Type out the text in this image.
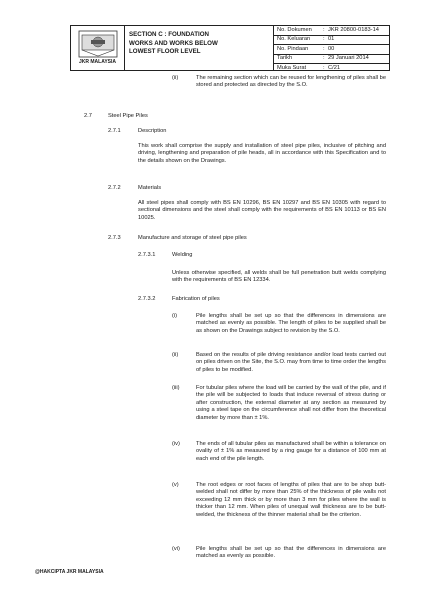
JKR MALAYSIA
SECTION C : FOUNDATION
WORKS AND WORKS BELOW
LOWEST FLOOR LEVEL
No. Dokumen	: JKR 20800-0183-14
No. Keluaran	: 01
No. Pindaan	: 00
Tarikh	: 29 Januari 2014
Muka Surat	: C/21
(ii)	The remaining section which can be reused for lengthening of piles shall be stored and protected as directed by the S.O.
2.7	Steel Pipe Piles
2.7.1	Description
This work shall comprise the supply and installation of steel pipe piles, inclusive of pitching and driving, lengthening and preparation of pile heads, all in accordance with this Specification and to the details shown on the Drawings.
2.7.2	Materials
All steel pipes shall comply with BS EN 10296, BS EN 10297 and BS EN 10305 with regard to sectional dimensions and the steel shall comply with the requirements of BS EN 10113 or BS EN 10025.
2.7.3	Manufacture and storage of steel pipe piles
2.7.3.1	Welding
Unless otherwise specified, all welds shall be full penetration butt welds complying with the requirements of BS EN 12334.
2.7.3.2	Fabrication of piles
(i)	Pile lengths shall be set up so that the differences in dimensions are matched as evenly as possible. The length of piles to be supplied shall be as shown on the Drawings subject to revision by the S.O.
(ii)	Based on the results of pile driving resistance and/or load tests carried out on piles driven on the Site, the S.O. may from time to time order the lengths of piles to be modified.
(iii)	For tubular piles where the load will be carried by the wall of the pile, and if the pile will be subjected to loads that induce reversal of stress during or after construction, the external diameter at any section as measured by using a steel tape on the circumference shall not differ from the theoretical diameter by more than ± 1%.
(iv)	The ends of all tubular piles as manufactured shall be within a tolerance on ovality of ± 1% as measured by a ring gauge for a distance of 100 mm at each end of the pile length.
(v)	The root edges or root faces of lengths of piles that are to be shop butt-welded shall not differ by more than 25% of the thickness of pile walls not exceeding 12 mm thick or by more than 3 mm for piles where the wall is thicker than 12 mm. When piles of unequal wall thickness are to be butt-welded, the thickness of the thinner material shall be the criterion.
(vi)	Pile lengths shall be set up so that the differences in dimensions are matched as evenly as possible.
@HAKCIPTA JKR MALAYSIA
